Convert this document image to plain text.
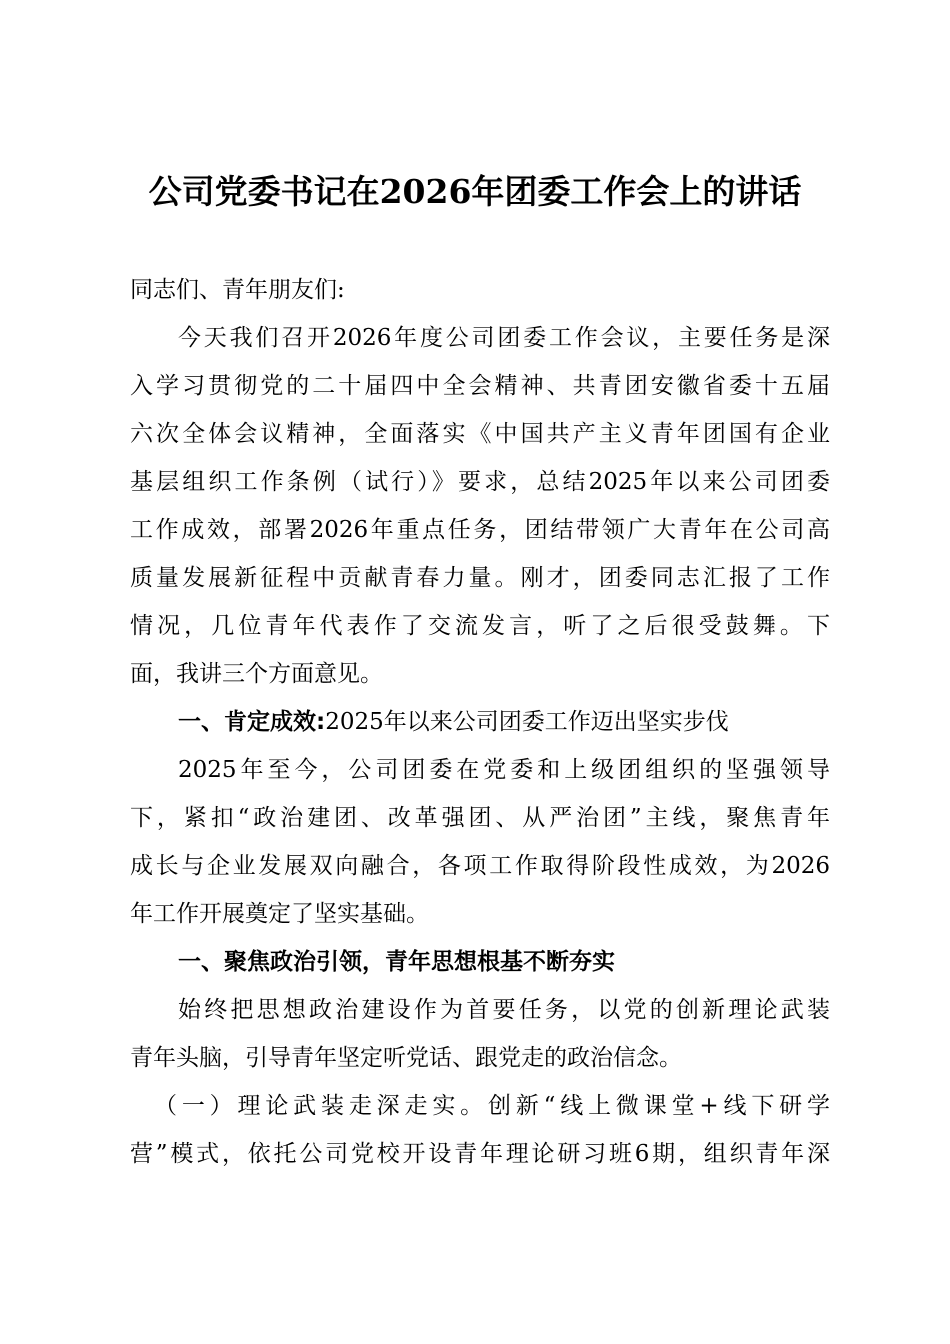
公司党委书记在2026年团委工作会上的讲话
同志们、青年朋友们:
今天我们召开2026年度公司团委工作会议，主要任务是深
入学习贯彻党的二十届四中全会精神、共青团安徽省委十五届
六次全体会议精神，全面落实《中国共产主义青年团国有企业
基层组织工作条例（试行）》要求，总结2025年以来公司团委
工作成效，部署2026年重点任务，团结带领广大青年在公司高
质量发展新征程中贡献青春力量。刚才，团委同志汇报了工作
情况，几位青年代表作了交流发言，听了之后很受鼓舞。下
面，我讲三个方面意见。
一、肯定成效:2025年以来公司团委工作迈出坚实步伐
2025年至今，公司团委在党委和上级团组织的坚强领导
下，紧扣“政治建团、改革强团、从严治团”主线，聚焦青年
成长与企业发展双向融合，各项工作取得阶段性成效，为2026
年工作开展奠定了坚实基础。
一、聚焦政治引领，青年思想根基不断夯实
始终把思想政治建设作为首要任务，以党的创新理论武装
青年头脑，引导青年坚定听党话、跟党走的政治信念。
（一）理论武装走深走实。创新“线上微课堂+线下研学
营”模式，依托公司党校开设青年理论研习班6期，组织青年深
